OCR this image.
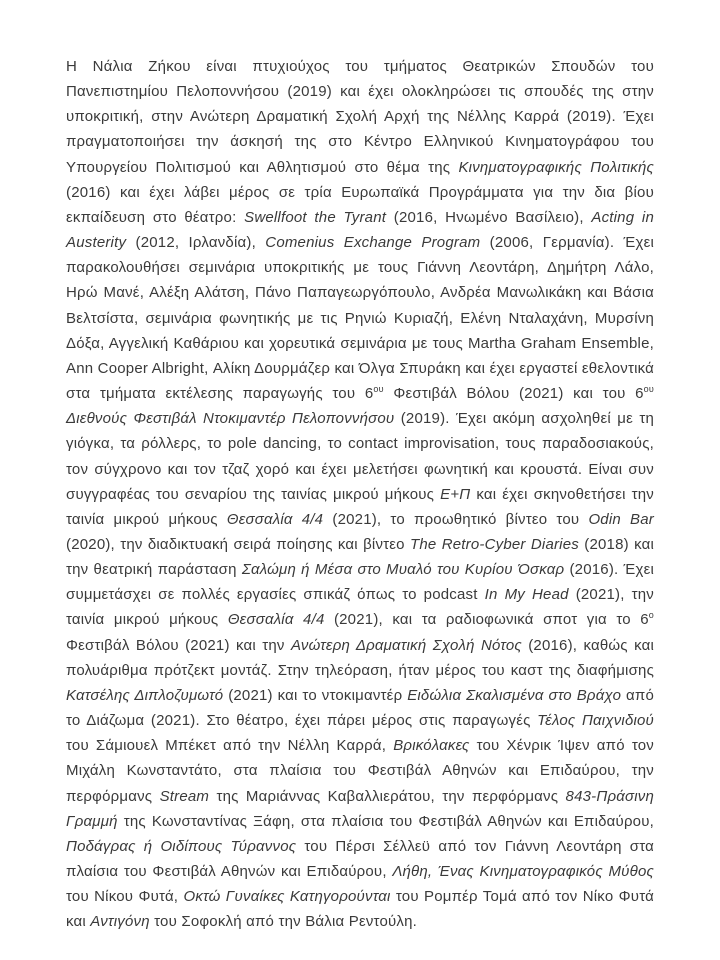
Η Νάλια Ζήκου είναι πτυχιούχος του τμήματος Θεατρικών Σπουδών του Πανεπιστημίου Πελοποννήσου (2019) και έχει ολοκληρώσει τις σπουδές της στην υποκριτική, στην Ανώτερη Δραματική Σχολή Αρχή της Νέλλης Καρρά (2019). Έχει πραγματοποιήσει την άσκησή της στο Κέντρο Ελληνικού Κινηματογράφου του Υπουργείου Πολιτισμού και Αθλητισμού στο θέμα της Κινηματογραφικής Πολιτικής (2016) και έχει λάβει μέρος σε τρία Ευρωπαϊκά Προγράμματα για την δια βίου εκπαίδευση στο θέατρο: Swellfoot the Tyrant (2016, Ηνωμένο Βασίλειο), Acting in Austerity (2012, Ιρλανδία), Comenius Exchange Program (2006, Γερμανία). Έχει παρακολουθήσει σεμινάρια υποκριτικής με τους Γιάννη Λεοντάρη, Δημήτρη Λάλο, Ηρώ Μανέ, Αλέξη Αλάτση, Πάνο Παπαγεωργόπουλο, Ανδρέα Μανωλικάκη και Βάσια Βελτσίστα, σεμινάρια φωνητικής με τις Ρηνιώ Κυριαζή, Ελένη Νταλαχάνη, Μυρσίνη Δόξα, Αγγελική Καθάριου και χορευτικά σεμινάρια με τους Martha Graham Ensemble, Ann Cooper Albright, Αλίκη Δουρμάζερ και Όλγα Σπυράκη και έχει εργαστεί εθελοντικά στα τμήματα εκτέλεσης παραγωγής του $6^{o\upsilon}$ Φεστιβάλ Βόλου (2021) και του $6^{o\upsilon}$ Διεθνούς Φεστιβάλ Ντοκιμαντέρ Πελοποννήσου (2019). Έχει ακόμη ασχοληθεί με τη γιόγκα, τα ρόλλερς, το pole dancing, το contact improvisation, τους παραδοσιακούς, τον σύγχρονο και τον τζαζ χορό και έχει μελετήσει φωνητική και κρουστά. Είναι συν συγγραφέας του σεναρίου της ταινίας μικρού μήκους Ε+Π και έχει σκηνοθετήσει την ταινία μικρού μήκους Θεσσαλία 4/4 (2021), το προωθητικό βίντεο του Odin Bar (2020), την διαδικτυακή σειρά ποίησης και βίντεο The Retro-Cyber Diaries (2018) και την θεατρική παράσταση Σαλώμη ή Μέσα στο Μυαλό του Κυρίου Όσκαρ (2016). Έχει συμμετάσχει σε πολλές εργασίες σπικάζ όπως το podcast In My Head (2021), την ταινία μικρού μήκους Θεσσαλία 4/4 (2021), και τα ραδιοφωνικά σποτ για το $6^o$ Φεστιβάλ Βόλου (2021) και την Ανώτερη Δραματική Σχολή Νότος (2016), καθώς και πολυάριθμα πρότζεκτ μοντάζ. Στην τηλεόραση, ήταν μέρος του καστ της διαφήμισης Κατσέλης Διπλοζυμωτό (2021) και το ντοκιμαντέρ Ειδώλια Σκαλισμένα στο Βράχο από το Διάζωμα (2021). Στο θέατρο, έχει πάρει μέρος στις παραγωγές Τέλος Παιχνιδιού του Σάμιουελ Μπέκετ από την Νέλλη Καρρά, Βρικόλακες του Χένρικ Ίψεν από τον Μιχάλη Κωνσταντάτο, στα πλαίσια του Φεστιβάλ Αθηνών και Επιδαύρου, την περφόρμανς Stream της Μαριάννας Καβαλλιεράτου, την περφόρμανς 843-Πράσινη Γραμμή της Κωνσταντίνας Ξάφη, στα πλαίσια του Φεστιβάλ Αθηνών και Επιδαύρου, Ποδάγρας ή Οιδίπους Τύραννος του Πέρσι Σέλλεϋ από τον Γιάννη Λεοντάρη στα πλαίσια του Φεστιβάλ Αθηνών και Επιδαύρου, Λήθη, Ένας Κινηματογραφικός Μύθος του Νίκου Φυτά, Οκτώ Γυναίκες Κατηγορούνται του Ρομπέρ Τομά από τον Νίκο Φυτά και Αντιγόνη του Σοφοκλή από την Βάλια Ρεντούλη.
